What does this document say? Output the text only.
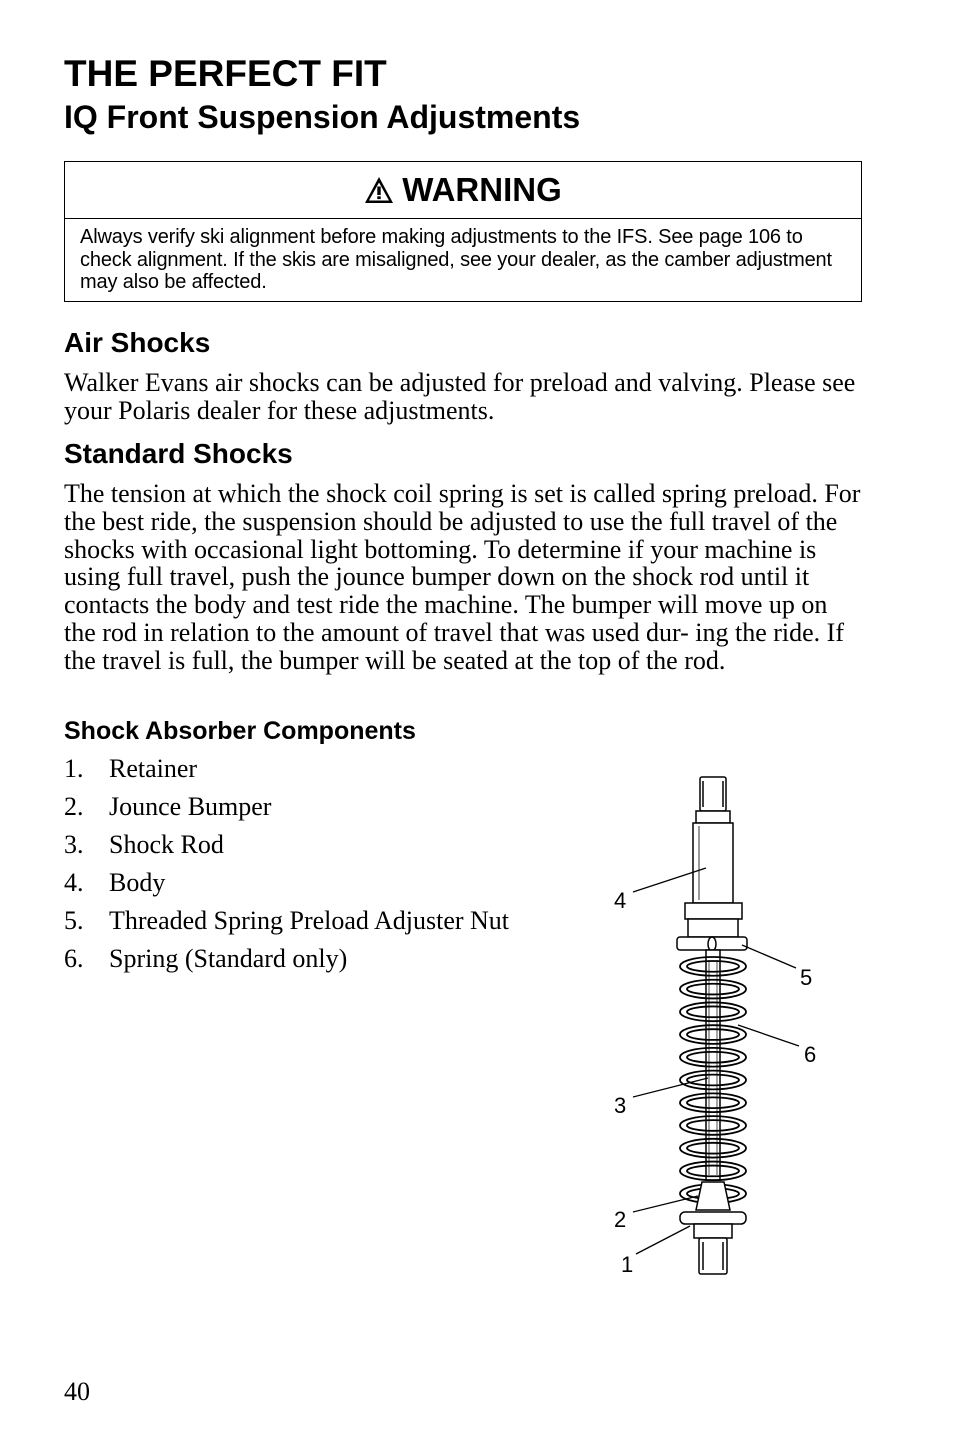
THE PERFECT FIT
IQ Front Suspension Adjustments
WARNING
Always verify ski alignment before making adjustments to the IFS. See page 106 to check alignment. If the skis are misaligned, see your dealer, as the camber adjustment may also be affected.
Air Shocks
Walker Evans air shocks can be adjusted for preload and valving. Please see your Polaris dealer for these adjustments.
Standard Shocks
The tension at which the shock coil spring is set is called spring preload. For the best ride, the suspension should be adjusted to use the full travel of the shocks with occasional light bottoming. To determine if your machine is using full travel, push the jounce bumper down on the shock rod until it contacts the body and test ride the machine. The bumper will move up on the rod in relation to the amount of travel that was used dur- ing the ride. If the travel is full, the bumper will be seated at the top of the rod.
Shock Absorber Components
1. Retainer
2. Jounce Bumper
3. Shock Rod
4. Body
5. Threaded Spring Preload Adjuster Nut
6. Spring (Standard only)
4
5
6
3
2
1
40
